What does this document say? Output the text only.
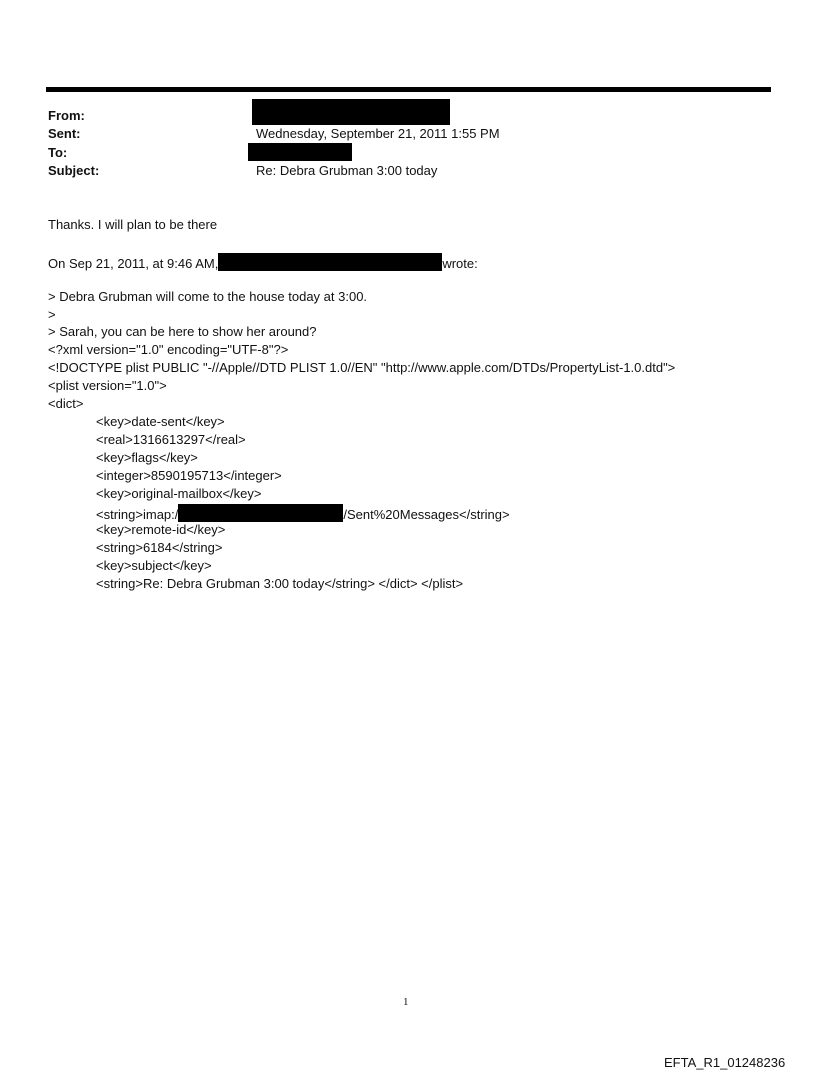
From:
Sent:	Wednesday, September 21, 2011 1:55 PM
To:
Subject:	Re: Debra Grubman 3:00 today
Thanks. I will plan to be there
On Sep 21, 2011, at 9:46 AM,	wrote:
> Debra Grubman will come to the house today at 3:00.
>
> Sarah, you can be here to show her around?
<?xml version="1.0" encoding="UTF-8"?>
<!DOCTYPE plist PUBLIC "-//Apple//DTD PLIST 1.0//EN" "http://www.apple.com/DTDs/PropertyList-1.0.dtd">
<plist version="1.0">
<dict>
<key>date-sent</key>
<real>1316613297</real>
<key>flags</key>
<integer>8590195713</integer>
<key>original-mailbox</key>
<string>imap:/	/Sent%20Messages</string>
<key>remote-id</key>
<string>6184</string>
<key>subject</key>
<string>Re: Debra Grubman 3:00 today</string> </dict> </plist>
1
EFTA_R1_01248236
